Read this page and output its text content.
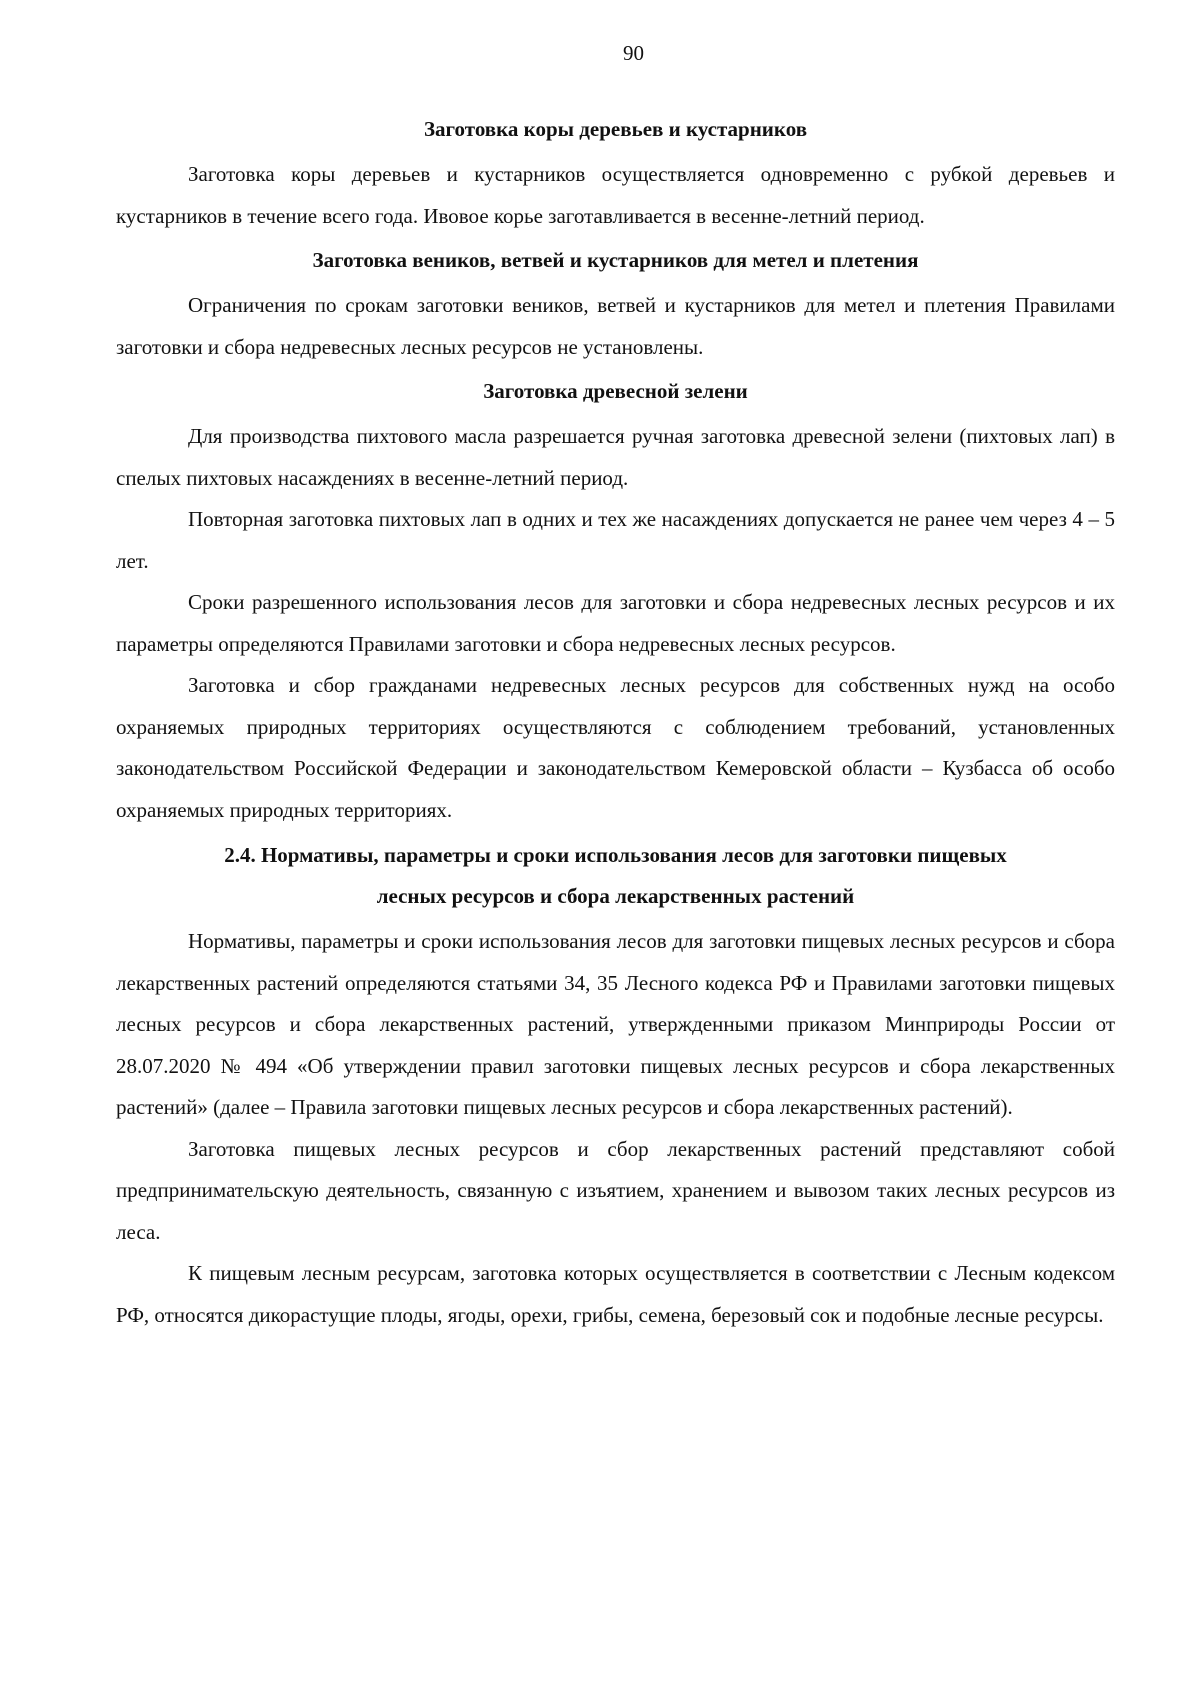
90
Заготовка коры деревьев и кустарников

Заготовка коры деревьев и кустарников осуществляется одновременно с рубкой деревьев и кустарников в течение всего года. Ивовое корье заготавливается в весенне-летний период.

Заготовка веников, ветвей и кустарников для метел и плетения

Ограничения по срокам заготовки веников, ветвей и кустарников для метел и плетения Правилами заготовки и сбора недревесных лесных ресурсов не установлены.

Заготовка древесной зелени

Для производства пихтового масла разрешается ручная заготовка древесной зелени (пихтовых лап) в спелых пихтовых насаждениях в весенне-летний период.

Повторная заготовка пихтовых лап в одних и тех же насаждениях допускается не ранее чем через 4 – 5 лет.

Сроки разрешенного использования лесов для заготовки и сбора недревесных лесных ресурсов и их параметры определяются Правилами заготовки и сбора недревесных лесных ресурсов.

Заготовка и сбор гражданами недревесных лесных ресурсов для собственных нужд на особо охраняемых природных территориях осуществляются с соблюдением требований, установленных законодательством Российской Федерации и законодательством Кемеровской области – Кузбасса об особо охраняемых природных территориях.

2.4. Нормативы, параметры и сроки использования лесов для заготовки пищевых
лесных ресурсов и сбора лекарственных растений

Нормативы, параметры и сроки использования лесов для заготовки пищевых лесных ресурсов и сбора лекарственных растений определяются статьями 34, 35 Лесного кодекса РФ и Правилами заготовки пищевых лесных ресурсов и сбора лекарственных растений, утвержденными приказом Минприроды России от 28.07.2020 № 494 «Об утверждении правил заготовки пищевых лесных ресурсов и сбора лекарственных растений» (далее – Правила заготовки пищевых лесных ресурсов и сбора лекарственных растений).

Заготовка пищевых лесных ресурсов и сбор лекарственных растений представляют собой предпринимательскую деятельность, связанную с изъятием, хранением и вывозом таких лесных ресурсов из леса.

К пищевым лесным ресурсам, заготовка которых осуществляется в соответствии с Лесным кодексом РФ, относятся дикорастущие плоды, ягоды, орехи, грибы, семена, березовый сок и подобные лесные ресурсы.
